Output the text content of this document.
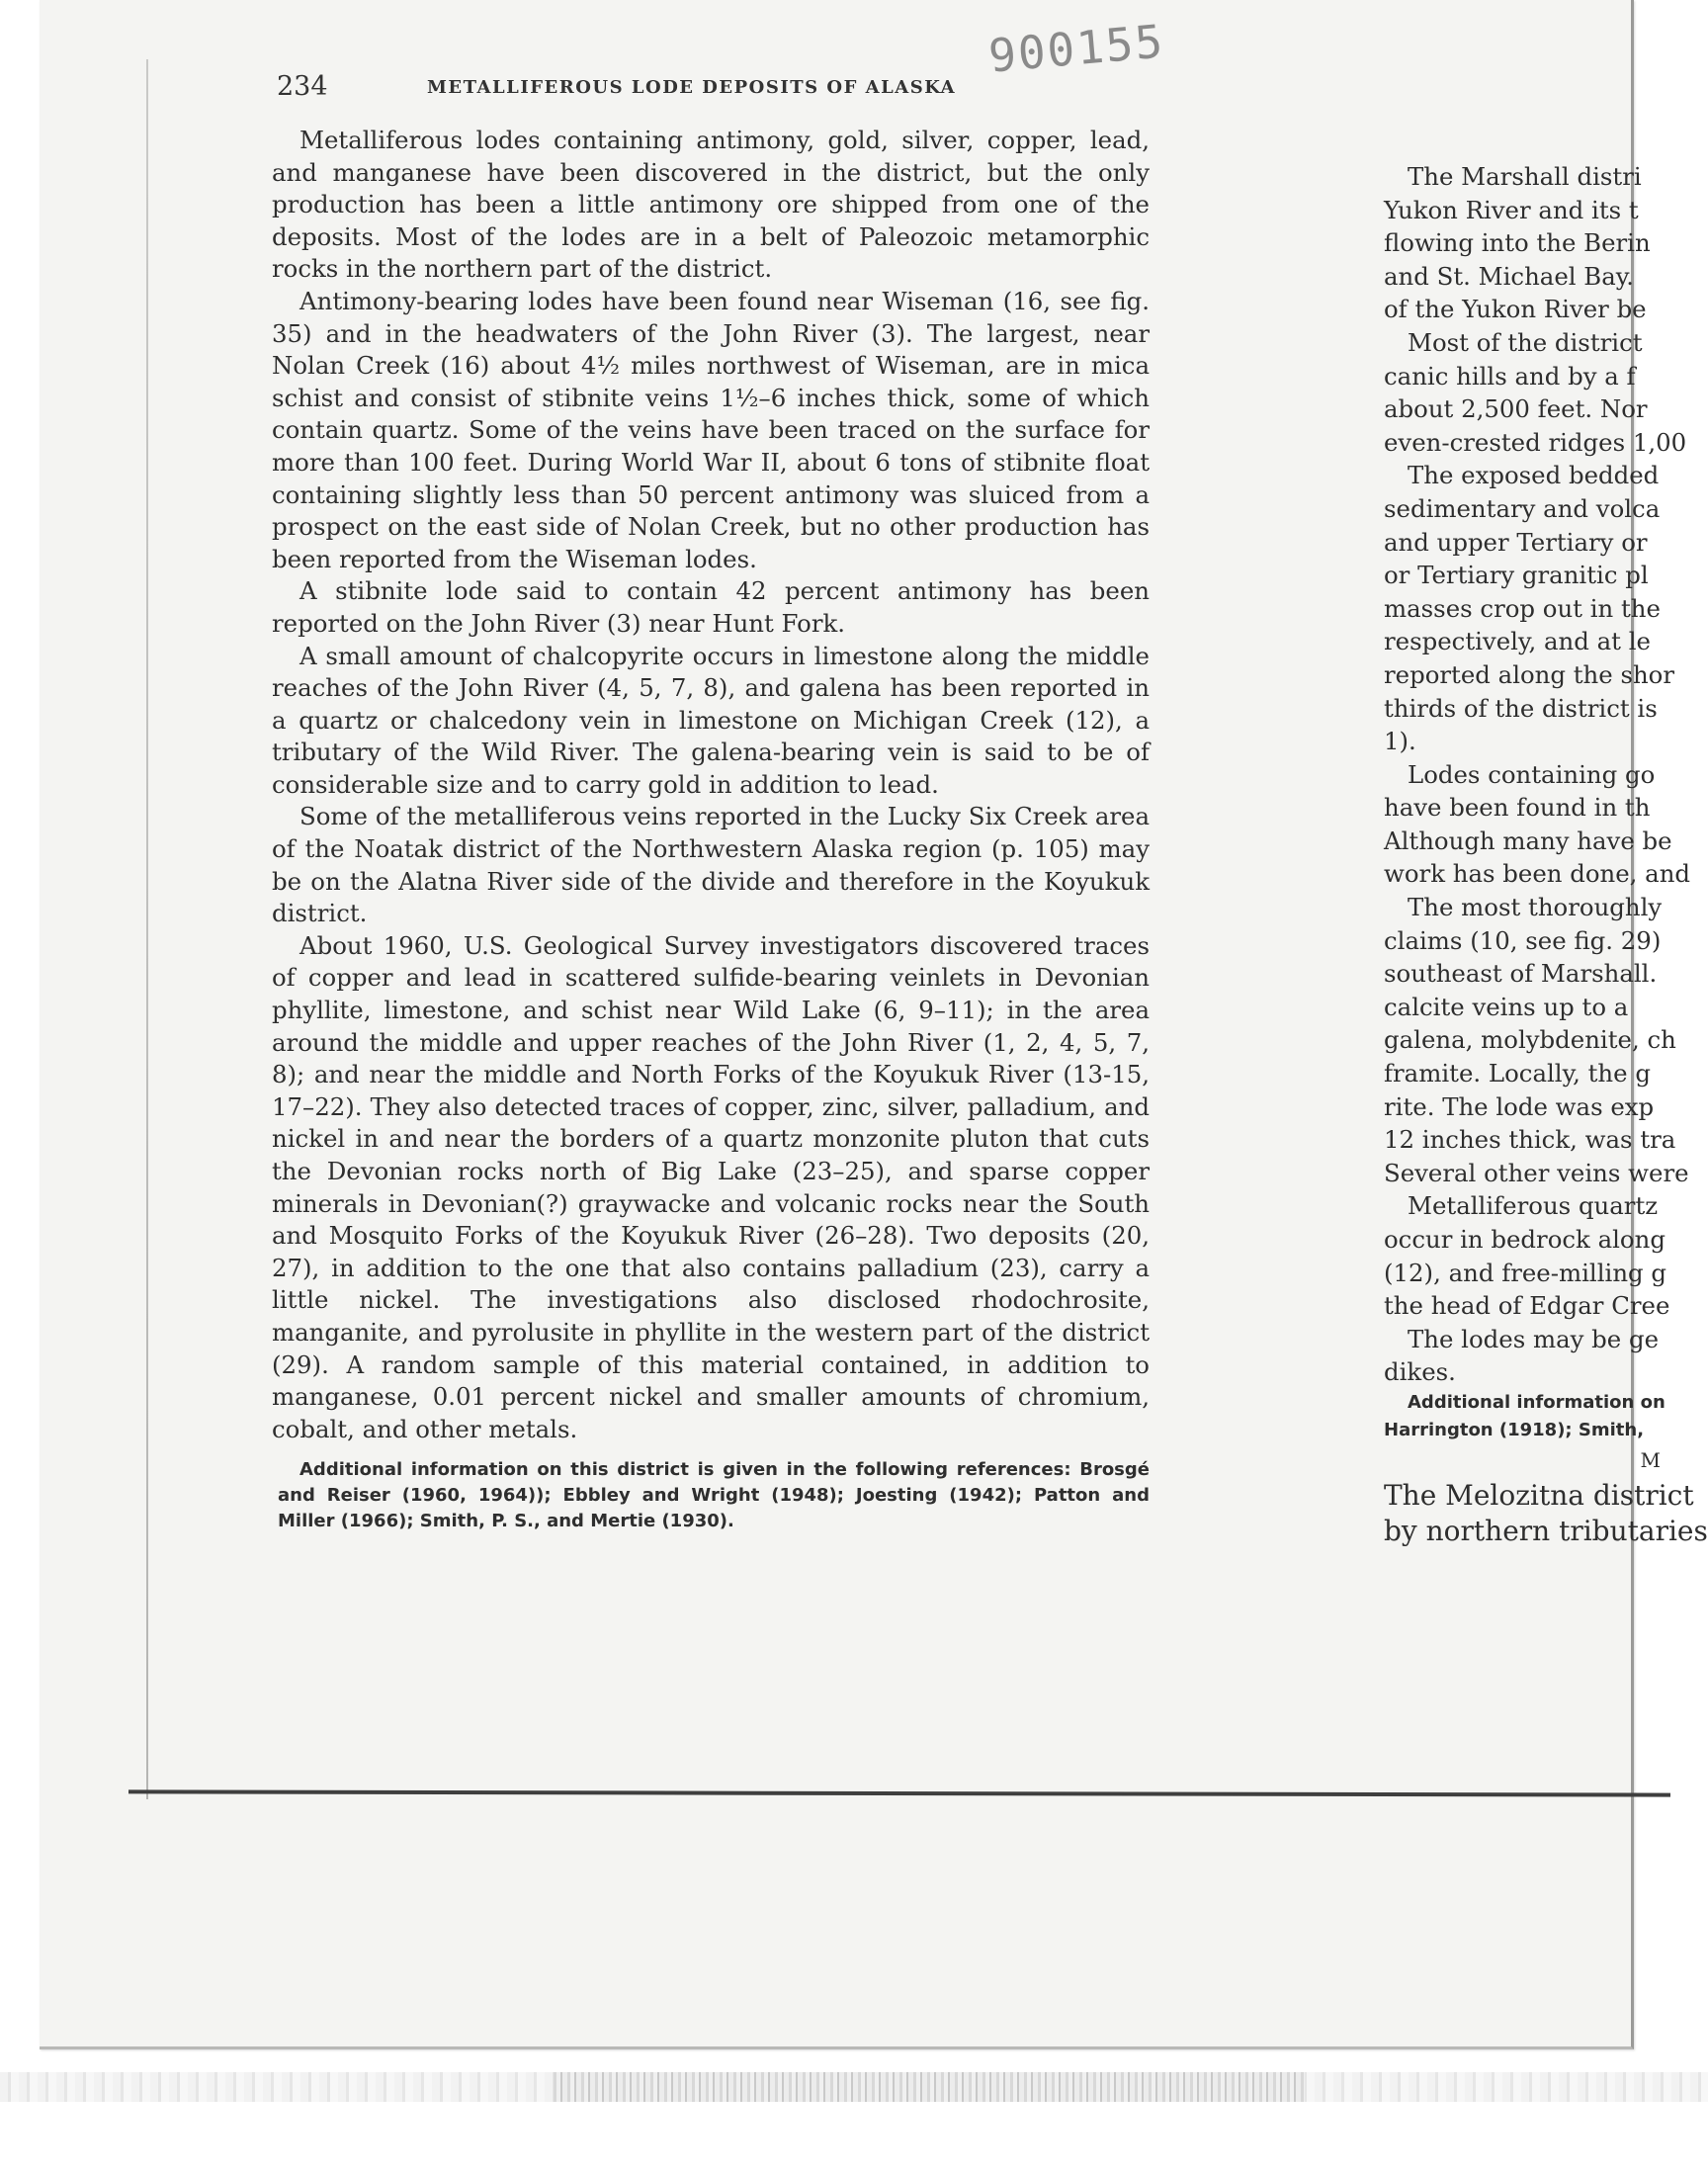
900155
234	METALLIFEROUS LODE DEPOSITS OF ALASKA

Metalliferous lodes containing antimony, gold, silver, copper, lead, and manganese have been discovered in the district, but the only production has been a little antimony ore shipped from one of the deposits. Most of the lodes are in a belt of Paleozoic metamorphic rocks in the northern part of the district.

Antimony-bearing lodes have been found near Wiseman (16, see fig. 35) and in the headwaters of the John River (3). The largest, near Nolan Creek (16) about 4½ miles northwest of Wiseman, are in mica schist and consist of stibnite veins 1½–6 inches thick, some of which contain quartz. Some of the veins have been traced on the surface for more than 100 feet. During World War II, about 6 tons of stibnite float containing slightly less than 50 percent antimony was sluiced from a prospect on the east side of Nolan Creek, but no other production has been reported from the Wiseman lodes.

A stibnite lode said to contain 42 percent antimony has been reported on the John River (3) near Hunt Fork.

A small amount of chalcopyrite occurs in limestone along the middle reaches of the John River (4, 5, 7, 8), and galena has been reported in a quartz or chalcedony vein in limestone on Michigan Creek (12), a tributary of the Wild River. The galena-bearing vein is said to be of considerable size and to carry gold in addition to lead.

Some of the metalliferous veins reported in the Lucky Six Creek area of the Noatak district of the Northwestern Alaska region (p. 105) may be on the Alatna River side of the divide and therefore in the Koyukuk district.

About 1960, U.S. Geological Survey investigators discovered traces of copper and lead in scattered sulfide-bearing veinlets in Devonian phyllite, limestone, and schist near Wild Lake (6, 9–11); in the area around the middle and upper reaches of the John River (1, 2, 4, 5, 7, 8); and near the middle and North Forks of the Koyukuk River (13-15, 17–22). They also detected traces of copper, zinc, silver, palladium, and nickel in and near the borders of a quartz monzonite pluton that cuts the Devonian rocks north of Big Lake (23–25), and sparse copper minerals in Devonian(?) graywacke and volcanic rocks near the South and Mosquito Forks of the Koyukuk River (26–28). Two deposits (20, 27), in addition to the one that also contains palladium (23), carry a little nickel. The investigations also disclosed rhodochrosite, manganite, and pyrolusite in phyllite in the western part of the district (29). A random sample of this material contained, in addition to manganese, 0.01 percent nickel and smaller amounts of chromium, cobalt, and other metals.

Additional information on this district is given in the following references: Brosgé and Reiser (1960, 1964)); Ebbley and Wright (1948); Joesting (1942); Patton and Miller (1966); Smith, P. S., and Mertie (1930).

The Marshall distri
Yukon River and its t
flowing into the Berin
and St. Michael Bay.
of the Yukon River be
Most of the district
canic hills and by a f
about 2,500 feet. Nor
even-crested ridges 1,00
The exposed bedded
sedimentary and volca
and upper Tertiary or
or Tertiary granitic pl
masses crop out in the
respectively, and at le
reported along the shor
thirds of the district is
1).
Lodes containing go
have been found in th
Although many have be
work has been done, and
The most thoroughly
claims (10, see fig. 29)
southeast of Marshall.
calcite veins up to a
galena, molybdenite, ch
framite. Locally, the g
rite. The lode was exp
12 inches thick, was tra
Several other veins were
Metalliferous quartz
occur in bedrock along
(12), and free-milling g
the head of Edgar Cree
The lodes may be ge
dikes.
Additional information on
Harrington (1918); Smith,
M
The Melozitna district
by northern tributaries
